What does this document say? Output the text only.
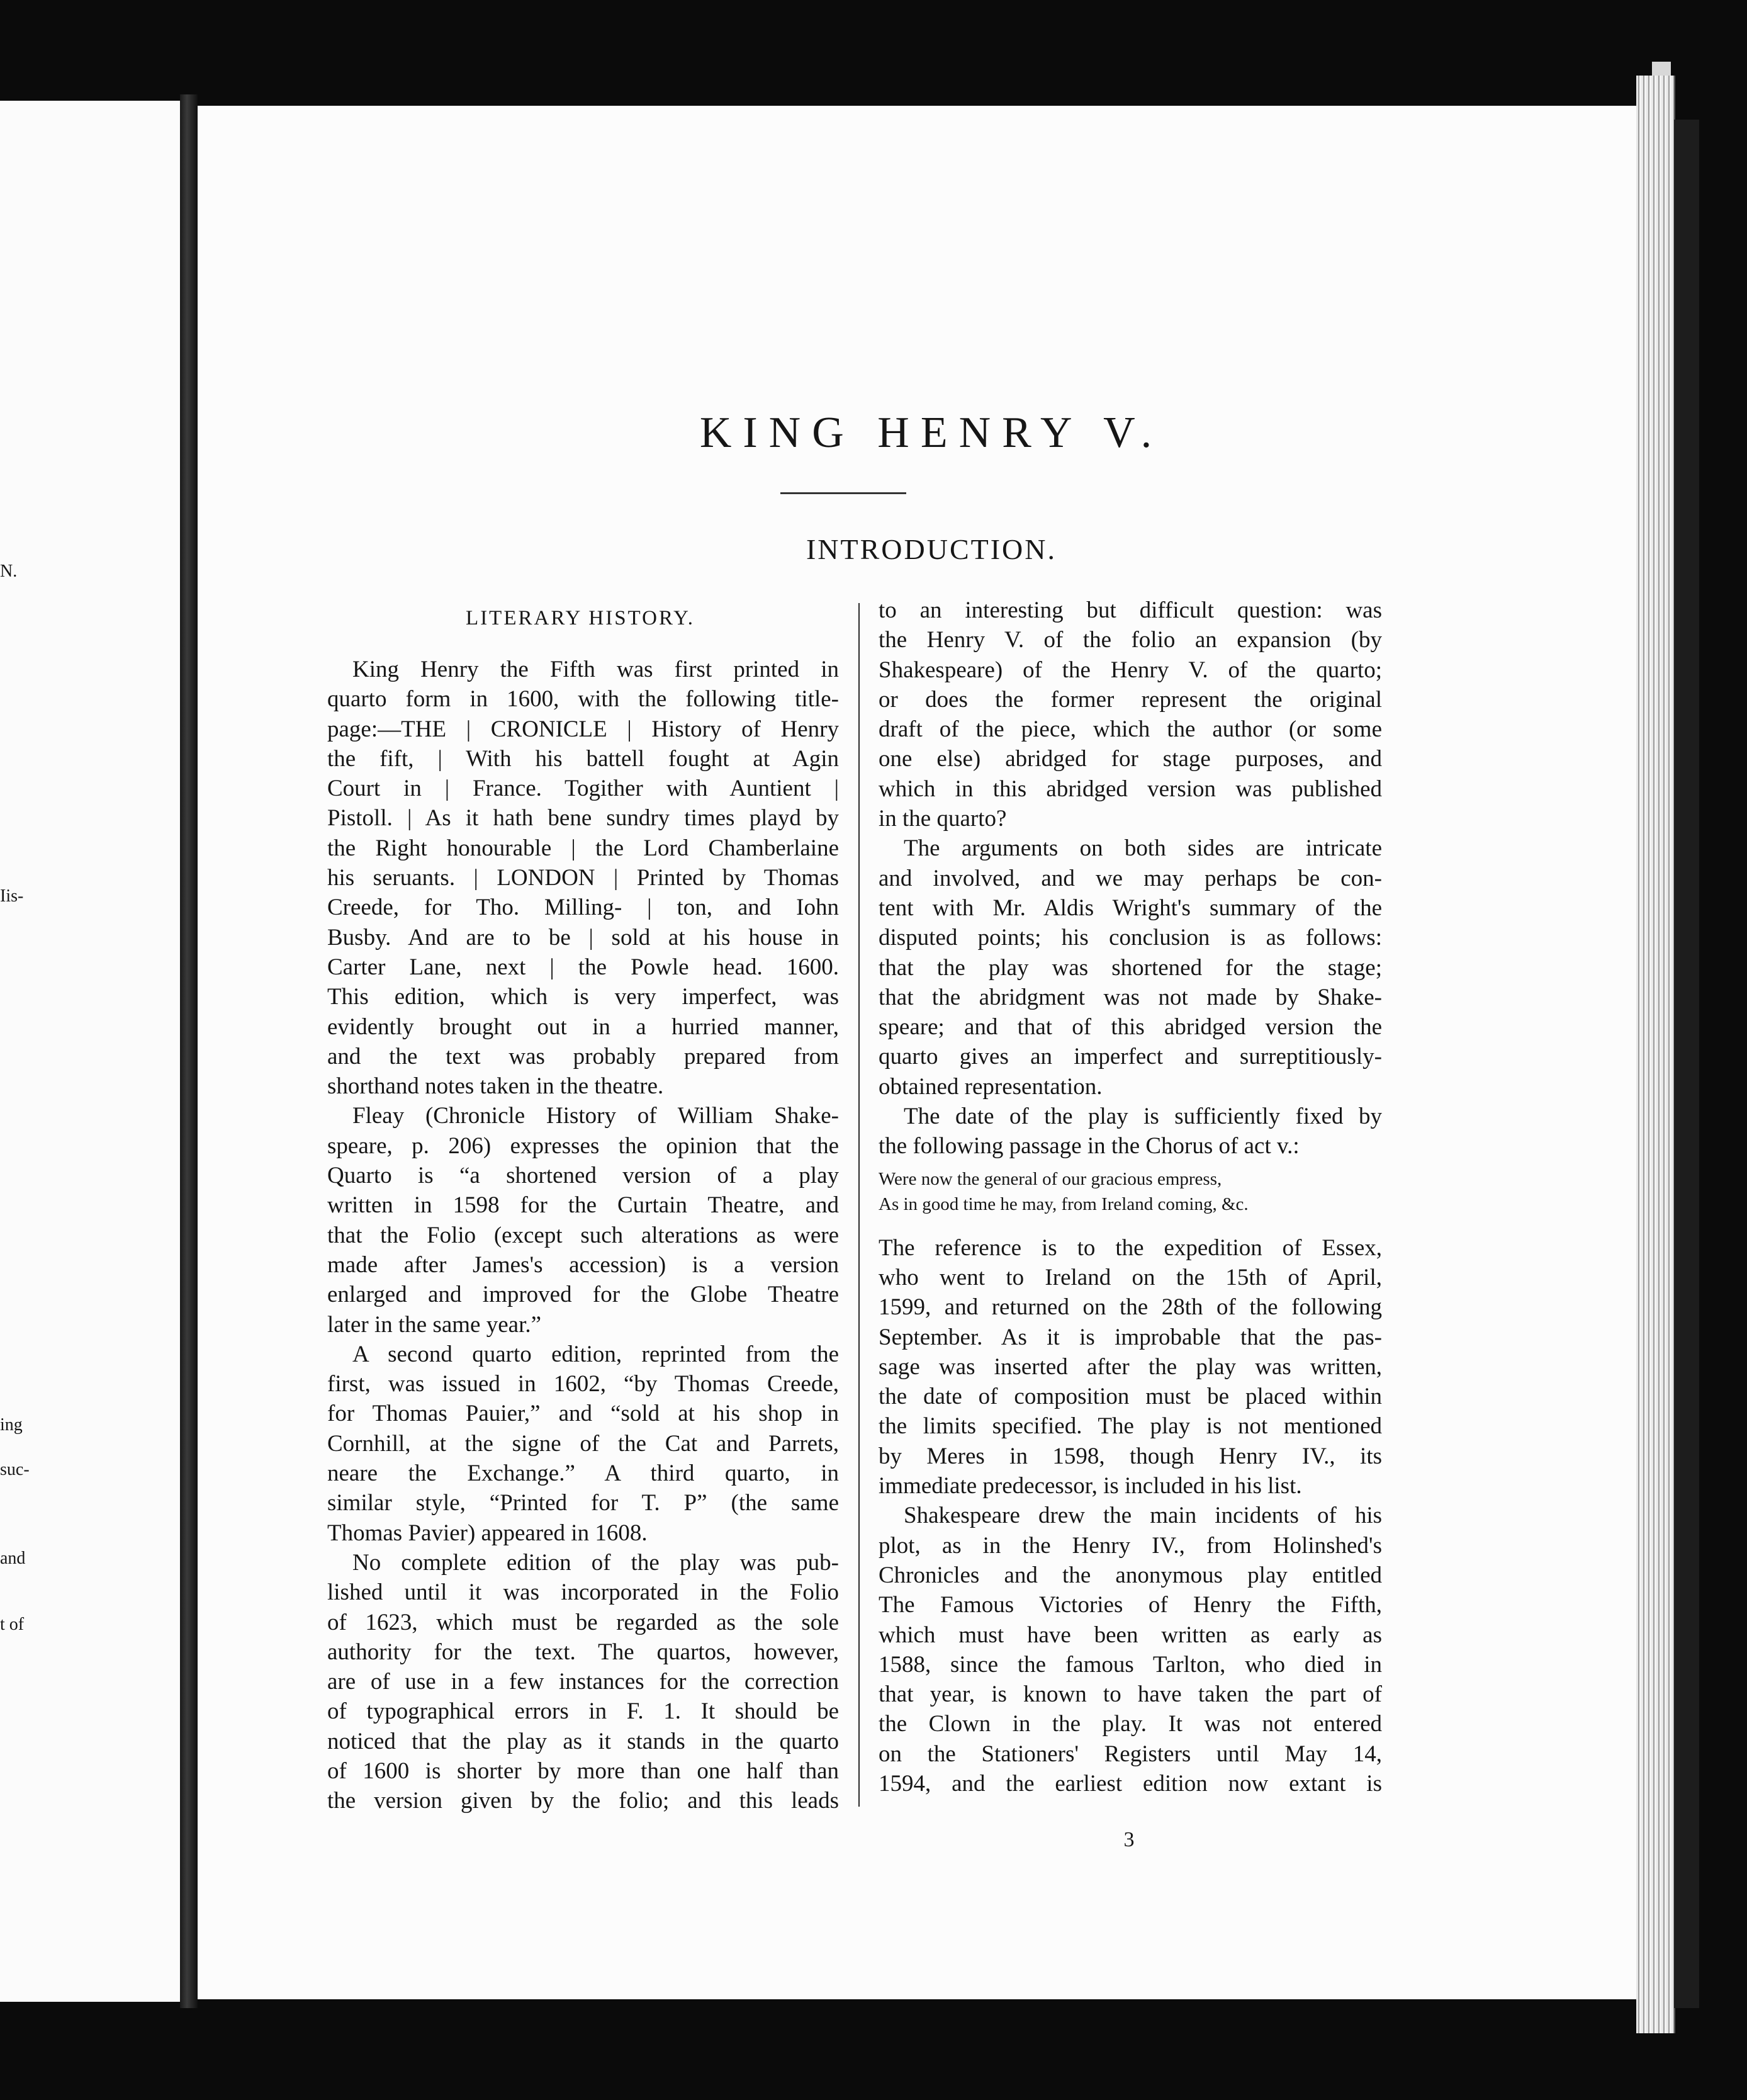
N.
Iis-
ing
suc-
and
t of
KING HENRY V.
INTRODUCTION.
LITERARY HISTORY.
King Henry the Fifth was first printed in
quarto form in 1600, with the following title-
page:—THE | CRONICLE | History of Henry
the fift, | With his battell fought at Agin
Court in | France. Togither with Auntient |
Pistoll. | As it hath bene sundry times playd by
the Right honourable | the Lord Chamberlaine
his seruants. | LONDON | Printed by Thomas
Creede, for Tho. Milling- | ton, and Iohn
Busby. And are to be | sold at his house in
Carter Lane, next | the Powle head. 1600.
This edition, which is very imperfect, was
evidently brought out in a hurried manner,
and the text was probably prepared from
shorthand notes taken in the theatre.
Fleay (Chronicle History of William Shake-
speare, p. 206) expresses the opinion that the
Quarto is “a shortened version of a play
written in 1598 for the Curtain Theatre, and
that the Folio (except such alterations as were
made after James's accession) is a version
enlarged and improved for the Globe Theatre
later in the same year.”
A second quarto edition, reprinted from the
first, was issued in 1602, “by Thomas Creede,
for Thomas Pauier,” and “sold at his shop in
Cornhill, at the signe of the Cat and Parrets,
neare the Exchange.” A third quarto, in
similar style, “Printed for T. P” (the same
Thomas Pavier) appeared in 1608.
No complete edition of the play was pub-
lished until it was incorporated in the Folio
of 1623, which must be regarded as the sole
authority for the text. The quartos, however,
are of use in a few instances for the correction
of typographical errors in F. 1. It should be
noticed that the play as it stands in the quarto
of 1600 is shorter by more than one half than
the version given by the folio; and this leads
to an interesting but difficult question: was
the Henry V. of the folio an expansion (by
Shakespeare) of the Henry V. of the quarto;
or does the former represent the original
draft of the piece, which the author (or some
one else) abridged for stage purposes, and
which in this abridged version was published
in the quarto?
The arguments on both sides are intricate
and involved, and we may perhaps be con-
tent with Mr. Aldis Wright's summary of the
disputed points; his conclusion is as follows:
that the play was shortened for the stage;
that the abridgment was not made by Shake-
speare; and that of this abridged version the
quarto gives an imperfect and surreptitiously-
obtained representation.
The date of the play is sufficiently fixed by
the following passage in the Chorus of act v.:
Were now the general of our gracious empress,
As in good time he may, from Ireland coming, &c.
The reference is to the expedition of Essex,
who went to Ireland on the 15th of April,
1599, and returned on the 28th of the following
September. As it is improbable that the pas-
sage was inserted after the play was written,
the date of composition must be placed within
the limits specified. The play is not mentioned
by Meres in 1598, though Henry IV., its
immediate predecessor, is included in his list.
Shakespeare drew the main incidents of his
plot, as in the Henry IV., from Holinshed's
Chronicles and the anonymous play entitled
The Famous Victories of Henry the Fifth,
which must have been written as early as
1588, since the famous Tarlton, who died in
that year, is known to have taken the part of
the Clown in the play. It was not entered
on the Stationers' Registers until May 14,
1594, and the earliest edition now extant is
3
